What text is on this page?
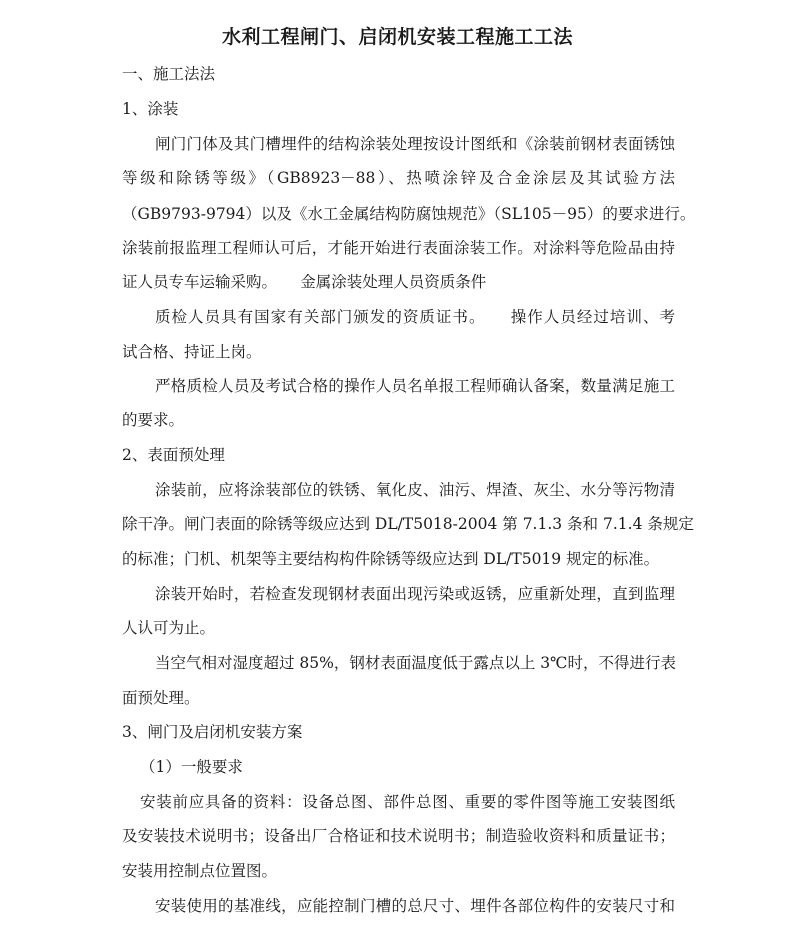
水利工程闸门、启闭机安装工程施工工法
一、施工法法
1、涂装
闸门门体及其门槽埋件的结构涂装处理按设计图纸和《涂装前钢材表面锈蚀
等级和除锈等级》（GB8923－88）、热喷涂锌及合金涂层及其试验方法
（GB9793-9794）以及《水工金属结构防腐蚀规范》（SL105－95）的要求进行。
涂装前报监理工程师认可后，才能开始进行表面涂装工作。对涂料等危险品由持
证人员专车运输采购。　　金属涂装处理人员资质条件
质检人员具有国家有关部门颁发的资质证书。　　操作人员经过培训、考
试合格、持证上岗。
严格质检人员及考试合格的操作人员名单报工程师确认备案，数量满足施工
的要求。
2、表面预处理
涂装前，应将涂装部位的铁锈、氧化皮、油污、焊渣、灰尘、水分等污物清
除干净。闸门表面的除锈等级应达到 DL/T5018-2004 第 7.1.3 条和 7.1.4 条规定
的标准；门机、机架等主要结构构件除锈等级应达到 DL/T5019 规定的标准。
涂装开始时，若检查发现钢材表面出现污染或返锈，应重新处理，直到监理
人认可为止。
当空气相对湿度超过 85%，钢材表面温度低于露点以上 3℃时，不得进行表
面预处理。
3、闸门及启闭机安装方案
（1）一般要求
安装前应具备的资料：设备总图、部件总图、重要的零件图等施工安装图纸
及安装技术说明书；设备出厂合格证和技术说明书；制造验收资料和质量证书；
安装用控制点位置图。
安装使用的基准线，应能控制门槽的总尺寸、埋件各部位构件的安装尺寸和
